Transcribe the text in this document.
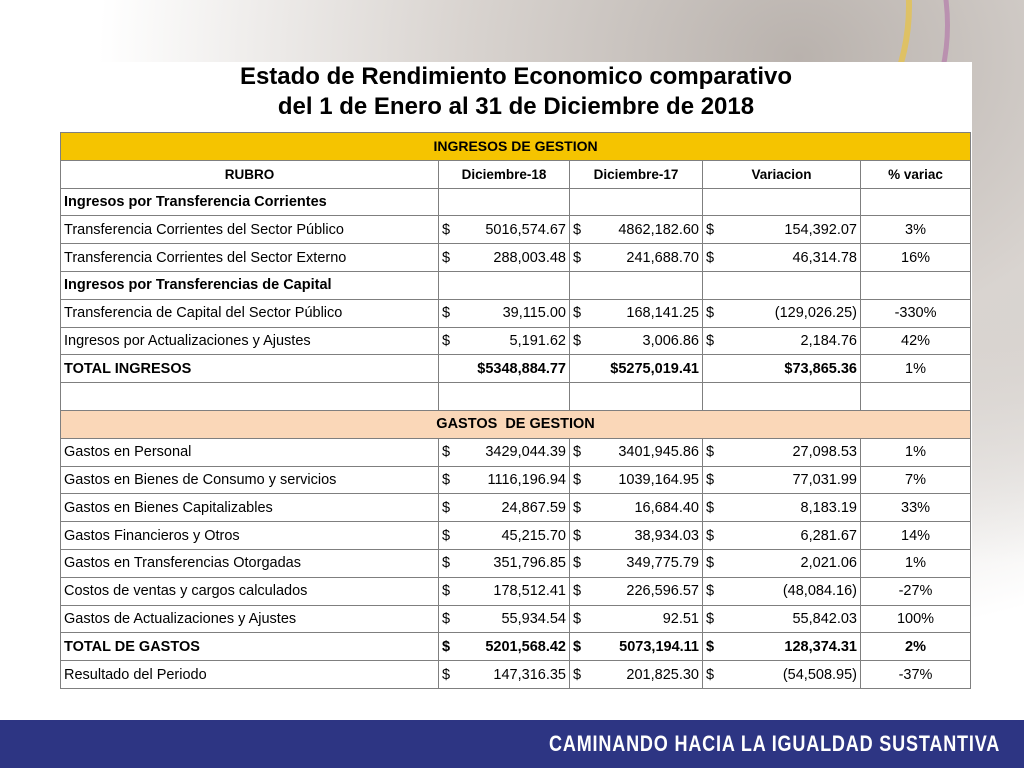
Estado de Rendimiento Economico comparativo
del 1 de Enero al 31 de Diciembre de 2018
INGRESOS DE GESTION				
RUBRO	Diciembre-18	Diciembre-17	Variacion	% variac
Ingresos por Transferencia Corrientes				
Transferencia Corrientes del Sector Público	$ 5016,574.67	$ 4862,182.60	$ 154,392.07	3%
Transferencia Corrientes del Sector Externo	$ 288,003.48	$ 241,688.70	$ 46,314.78	16%
Ingresos por Transferencias de Capital				
Transferencia de Capital del Sector Público	$ 39,115.00	$ 168,141.25	$ (129,026.25)	-330%
Ingresos por Actualizaciones y Ajustes	$ 5,191.62	$ 3,006.86	$ 2,184.76	42%
TOTAL INGRESOS	$5348,884.77	$5275,019.41	$73,865.36	1%

GASTOS  DE GESTION				
Gastos en Personal	$ 3429,044.39	$ 3401,945.86	$ 27,098.53	1%
Gastos en Bienes de Consumo y servicios	$ 1116,196.94	$ 1039,164.95	$ 77,031.99	7%
Gastos en Bienes Capitalizables	$ 24,867.59	$ 16,684.40	$ 8,183.19	33%
Gastos Financieros y Otros	$ 45,215.70	$ 38,934.03	$ 6,281.67	14%
Gastos en Transferencias Otorgadas	$ 351,796.85	$ 349,775.79	$ 2,021.06	1%
Costos de ventas y cargos calculados	$ 178,512.41	$ 226,596.57	$ (48,084.16)	-27%
Gastos de Actualizaciones y Ajustes	$ 55,934.54	$ 92.51	$ 55,842.03	100%
TOTAL DE GASTOS	$ 5201,568.42	$ 5073,194.11	$ 128,374.31	2%
Resultado del Periodo	$ 147,316.35	$ 201,825.30	$ (54,508.95)	-37%
CAMINANDO HACIA LA IGUALDAD SUSTANTIVA
